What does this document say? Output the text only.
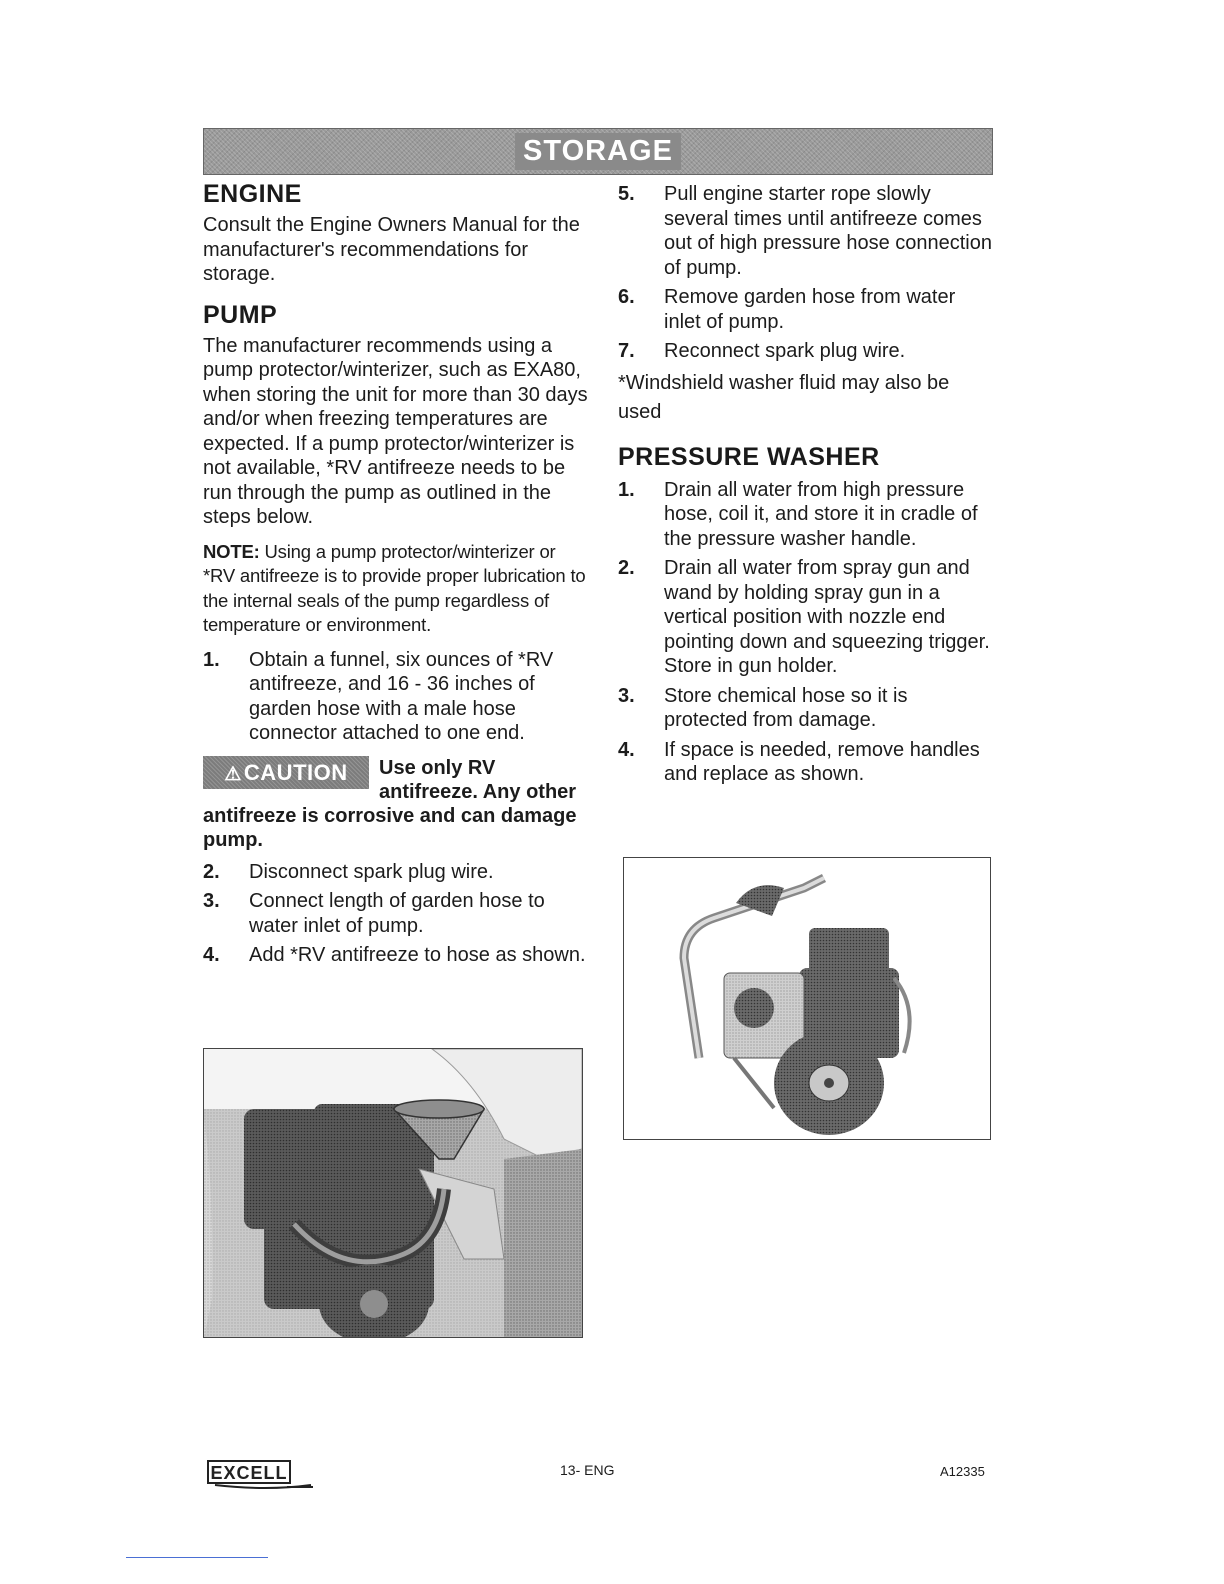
STORAGE
ENGINE

Consult the Engine Owners Manual for the manufacturer's recommendations for storage.

PUMP

The manufacturer recommends using a pump protector/winterizer, such as EXA80, when storing the unit for more than 30 days and/or when freezing temperatures are expected. If a pump protector/winterizer is not available, *RV antifreeze needs to be run through the pump as outlined in the steps below.

NOTE: Using a pump protector/winterizer or *RV antifreeze is to provide proper lubrication to the internal seals of the pump regardless of temperature or environment.

1. Obtain a funnel, six ounces of *RV antifreeze, and 16 - 36 inches of garden hose with a male hose connector attached to one end.
⚠CAUTION	Use only RV antifreeze. Any other antifreeze is corrosive and can damage pump.
2. Disconnect spark plug wire.
3. Connect length of garden hose to water inlet of pump.
4. Add *RV antifreeze to hose as shown.
5. Pull engine starter rope slowly several times until antifreeze comes out of high pressure hose connection of pump.
6. Remove garden hose from water inlet of pump.
7. Reconnect spark plug wire.

*Windshield washer fluid may also be used

PRESSURE WASHER
1. Drain all water from high pressure hose, coil it, and store it in cradle of the pressure washer handle.
2. Drain all water from spray gun and wand by holding spray gun in a vertical position with nozzle end pointing down and squeezing trigger. Store in gun holder.
3. Store chemical hose so it is protected from damage.
4. If space is needed, remove handles and replace as shown.
EXCELL	13- ENG	A12335
